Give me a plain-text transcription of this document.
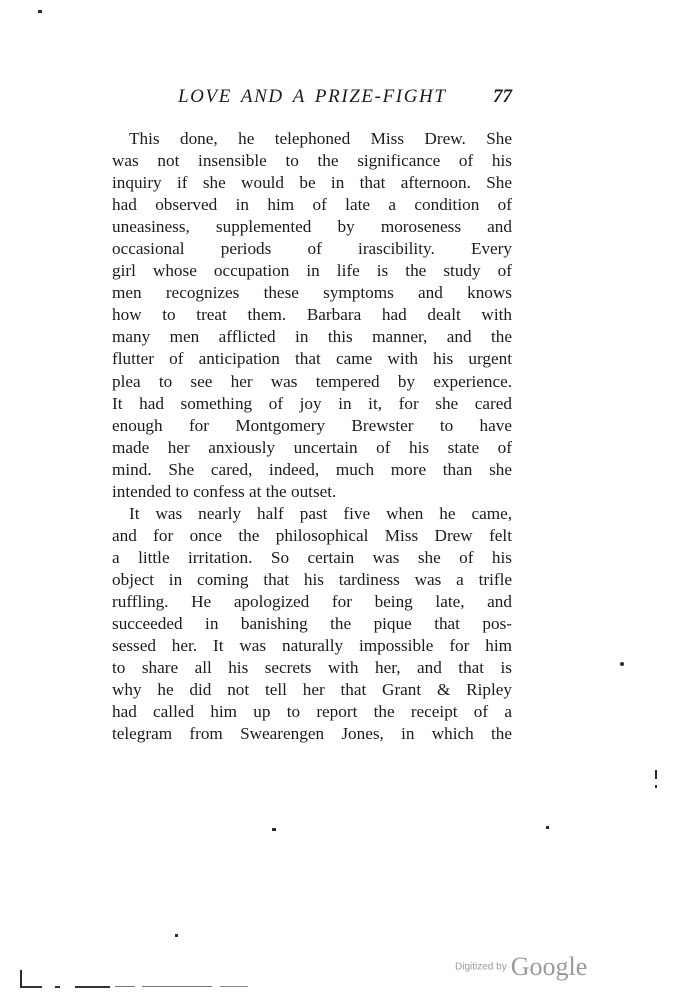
LOVE AND A PRIZE-FIGHT 77
This done, he telephoned Miss Drew. She
was not insensible to the significance of his
inquiry if she would be in that afternoon. She
had observed in him of late a condition of
uneasiness, supplemented by moroseness and
occasional periods of irascibility. Every
girl whose occupation in life is the study of
men recognizes these symptoms and knows
how to treat them. Barbara had dealt with
many men afflicted in this manner, and the
flutter of anticipation that came with his urgent
plea to see her was tempered by experience.
It had something of joy in it, for she cared
enough for Montgomery Brewster to have
made her anxiously uncertain of his state of
mind. She cared, indeed, much more than she
intended to confess at the outset.
It was nearly half past five when he came,
and for once the philosophical Miss Drew felt
a little irritation. So certain was she of his
object in coming that his tardiness was a trifle
ruffling. He apologized for being late, and
succeeded in banishing the pique that pos-
sessed her. It was naturally impossible for him
to share all his secrets with her, and that is
why he did not tell her that Grant & Ripley
had called him up to report the receipt of a
telegram from Swearengen Jones, in which the
Digitized by Google
